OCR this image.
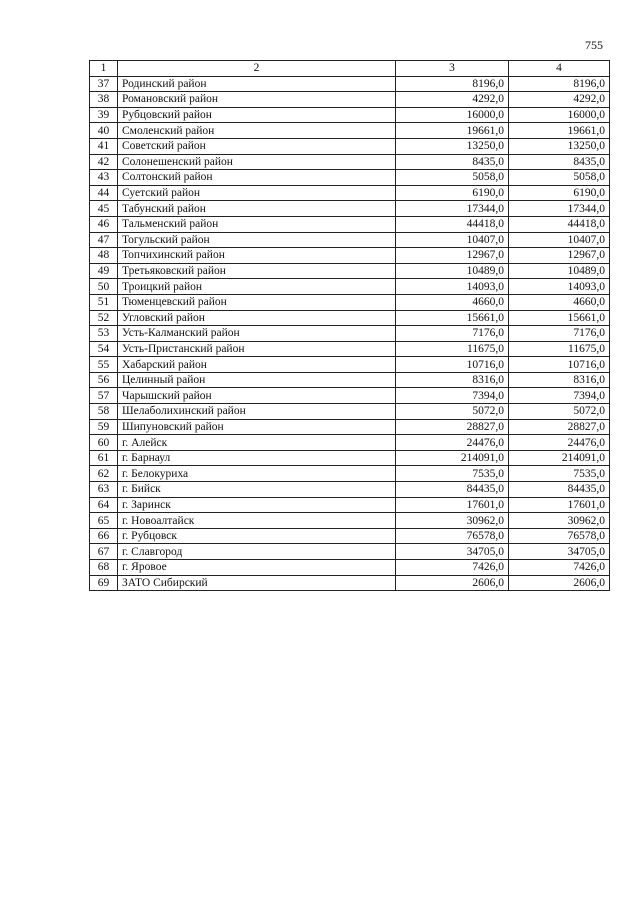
755
1	2	3	4
37	Родинский район	8196,0	8196,0
38	Романовский район	4292,0	4292,0
39	Рубцовский район	16000,0	16000,0
40	Смоленский район	19661,0	19661,0
41	Советский район	13250,0	13250,0
42	Солонешенский район	8435,0	8435,0
43	Солтонский район	5058,0	5058,0
44	Суетский район	6190,0	6190,0
45	Табунский район	17344,0	17344,0
46	Тальменский район	44418,0	44418,0
47	Тогульский район	10407,0	10407,0
48	Топчихинский район	12967,0	12967,0
49	Третьяковский район	10489,0	10489,0
50	Троицкий район	14093,0	14093,0
51	Тюменцевский район	4660,0	4660,0
52	Угловский район	15661,0	15661,0
53	Усть-Калманский район	7176,0	7176,0
54	Усть-Пристанский район	11675,0	11675,0
55	Хабарский район	10716,0	10716,0
56	Целинный район	8316,0	8316,0
57	Чарышский район	7394,0	7394,0
58	Шелаболихинский район	5072,0	5072,0
59	Шипуновский район	28827,0	28827,0
60	г. Алейск	24476,0	24476,0
61	г. Барнаул	214091,0	214091,0
62	г. Белокуриха	7535,0	7535,0
63	г. Бийск	84435,0	84435,0
64	г. Заринск	17601,0	17601,0
65	г. Новоалтайск	30962,0	30962,0
66	г. Рубцовск	76578,0	76578,0
67	г. Славгород	34705,0	34705,0
68	г. Яровое	7426,0	7426,0
69	ЗАТО Сибирский	2606,0	2606,0
